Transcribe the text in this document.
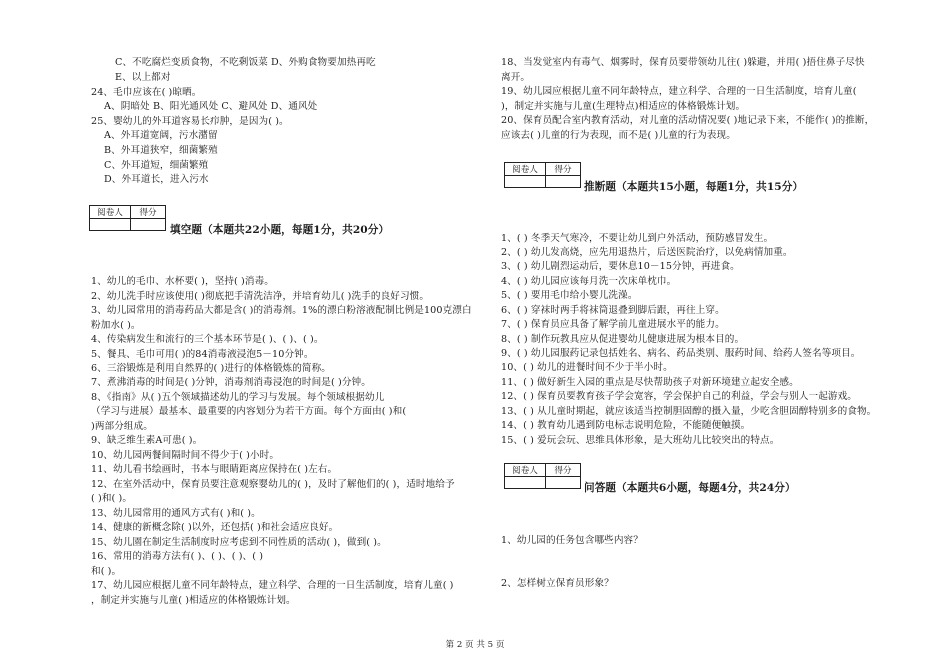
C、不吃腐烂变质食物，不吃剩饭菜 D、外购食物要加热再吃
E、以上都对
24、毛巾应该在( )晾晒。
A、阴暗处 B、阳光通风处 C、避风处 D、通风处
25、婴幼儿的外耳道容易长疖肿，是因为( )。
A、外耳道宽阔，污水潴留
B、外耳道狭窄，细菌繁殖
C、外耳道短，细菌繁殖
D、外耳道长，进入污水
阅卷人	得分

填空题（本题共22小题，每题1分，共20分）
1、幼儿的毛巾、水杯要( )，坚持( )消毒。
2、幼儿洗手时应该使用( )彻底把手清洗洁净，并培育幼儿( )洗手的良好习惯。
3、幼儿园常用的消毒药品大都是含( )的消毒剂。1%的漂白粉溶液配制比例是100克漂白
粉加水( )。
4、传染病发生和流行的三个基本环节是( )、( )、( )。
5、餐具、毛巾可用( )的84消毒液浸泡5－10分钟。
6、三浴锻炼是利用自然界的( )进行的体格锻炼的简称。
7、煮沸消毒的时间是( )分钟，消毒剂消毒浸泡的时间是( )分钟。
8、《指南》从( )五个领域描述幼儿的学习与发展。每个领域根据幼儿
（学习与进展）最基本、最重要的内容划分为若干方面。每个方面由( )和(
)两部分组成。
9、缺乏维生素A可患( )。
10、幼儿园两餐间隔时间不得少于( )小时。
11、幼儿看书绘画时，书本与眼睛距离应保持在( )左右。
12、在室外活动中，保育员要注意观察婴幼儿的( )，及时了解他们的( )，适时地给予
( )和( )。
13、幼儿园常用的通风方式有( )和( )。
14、健康的新概念除( )以外，还包括( )和社会适应良好。
15、幼儿園在制定生活制度时应考虑到不同性质的活动( )，做到( )。
16、常用的消毒方法有( )、( )、( )、( )
和( )。
17、幼儿园应根据儿童不同年龄特点，建立科学、合理的一日生活制度，培育儿童( )
，制定并实施与儿童( )相适应的体格锻炼计划。
18、当发觉室内有毒气、烟雾时，保育员要带领幼儿往( )躲避，并用( )捂住鼻子尽快
离开。
19、幼儿园应根据儿童不同年龄特点，建立科学、合理的一日生活制度，培育儿童(
)，制定并实施与儿童(生理特点)相适应的体格锻炼计划。
20、保育员配合室内教育活动，对儿童的活动情况要( )地记录下来，不能作( )的推断，
应该去( )儿童的行为表现，而不是( )儿童的行为表现。
阅卷人	得分

推断题（本题共15小题，每题1分，共15分）
1、( ) 冬季天气寒冷，不要让幼儿到户外活动，预防感冒发生。
2、( ) 幼儿发高烧，应先用退热片，后送医院治疗，以免病情加重。
3、( ) 幼儿剧烈运动后，要休息10－15分钟，再进食。
4、( ) 幼儿园应该每月洗一次床单枕巾。
5、( ) 要用毛巾给小婴儿洗澡。
6、( ) 穿袜时两手将袜筒退叠到脚后跟，再往上穿。
7、( ) 保育员应具备了解学前儿童进展水平的能力。
8、( ) 制作玩教具应从促进婴幼儿健康进展为根本目的。
9、( ) 幼儿园服药记录包括姓名、病名、药品类别、服药时间、给药人签名等项目。
10、( ) 幼儿的进餐时间不少于半小时。
11、( ) 做好新生入园的重点是尽快帮助孩子对新环境建立起安全感。
12、( ) 保育员要教育孩子学会宽容，学会保护自己的利益，学会与别人一起游戏。
13、( ) 从儿童时期起，就应该适当控制胆固醇的摄入量，少吃含胆固醇特别多的食物。
14、( ) 教育幼儿遇到防电标志说明危险，不能随便触摸。
15、( ) 爱玩会玩、思维具体形象，是大班幼儿比较突出的特点。
阅卷人	得分

问答题（本题共6小题，每题4分，共24分）
1、幼儿园的任务包含哪些内容？
2、怎样树立保育员形象？
第 2 页 共 5 页
